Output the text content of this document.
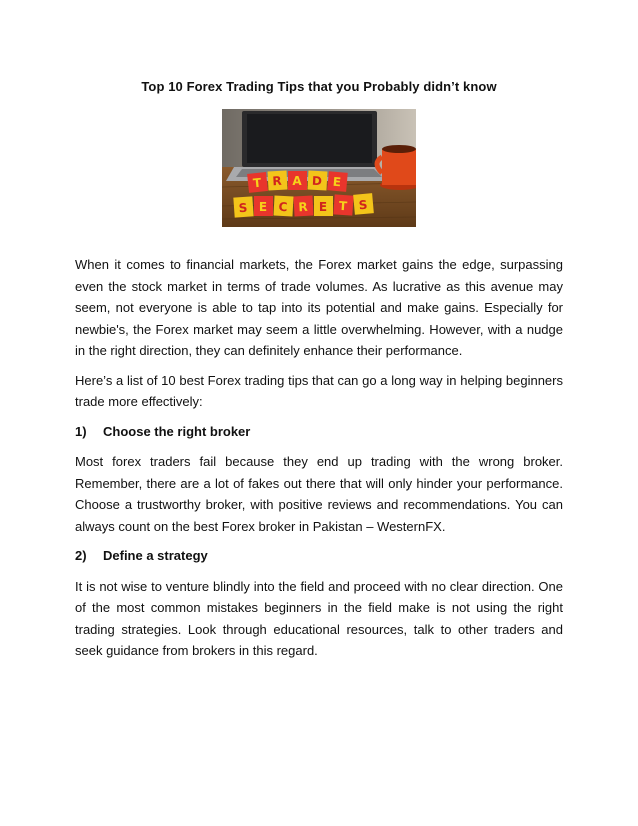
Top 10 Forex Trading Tips that you Probably didn’t know
T R A D E
S E C R E T S

When it comes to financial markets, the Forex market gains the edge, surpassing even the stock market in terms of trade volumes. As lucrative as this avenue may seem, not everyone is able to tap into its potential and make gains. Especially for newbie's, the Forex market may seem a little overwhelming. However, with a nudge in the right direction, they can definitely enhance their performance.

Here’s a list of 10 best Forex trading tips that can go a long way in helping beginners trade more effectively:

1) Choose the right broker

Most forex traders fail because they end up trading with the wrong broker. Remember, there are a lot of fakes out there that will only hinder your performance. Choose a trustworthy broker, with positive reviews and recommendations. You can always count on the best Forex broker in Pakistan – WesternFX.

2) Define a strategy

It is not wise to venture blindly into the field and proceed with no clear direction. One of the most common mistakes beginners in the field make is not using the right trading strategies. Look through educational resources, talk to other traders and seek guidance from brokers in this regard.
